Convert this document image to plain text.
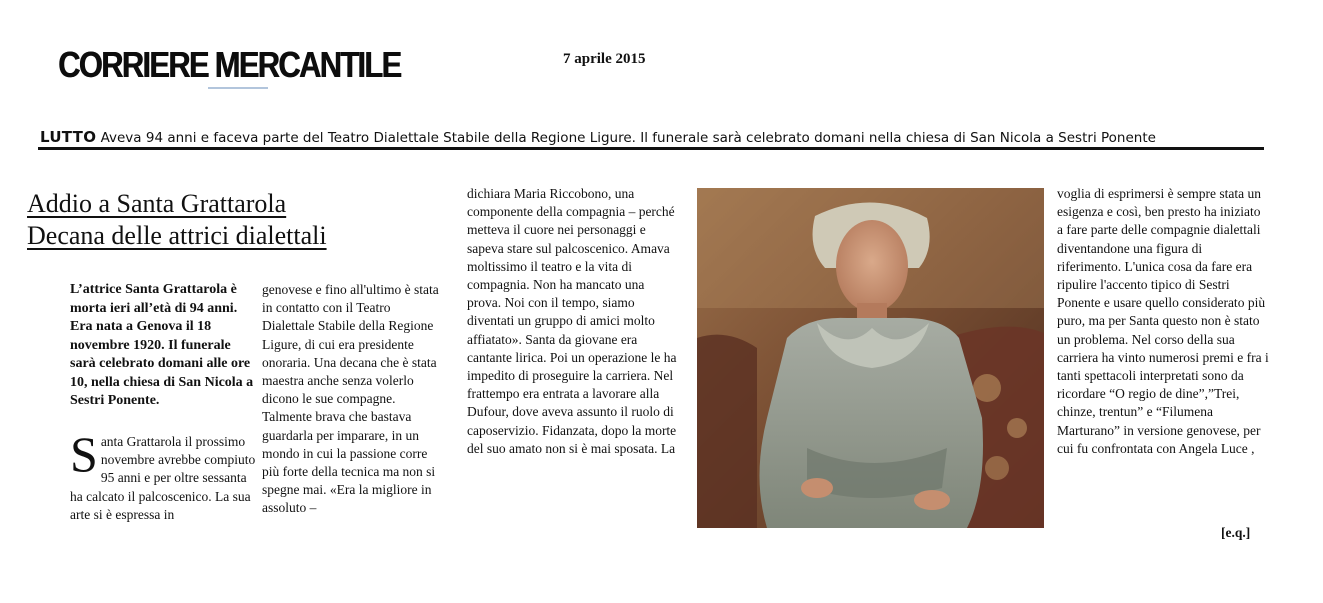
CORRIERE MERCANTILE	7 aprile 2015
LUTTO Aveva 94 anni e faceva parte del Teatro Dialettale Stabile della Regione Ligure. Il funerale sarà celebrato domani nella chiesa di San Nicola a Sestri Ponente
Addio a Santa Grattarola
Decana delle attrici dialettali
L’attrice Santa Grattarola è morta ieri all’età di 94 anni. Era nata a Genova il 18 novembre 1920. Il funerale sarà celebrato domani alle ore 10, nella chiesa di San Nicola a Sestri Ponente.
S anta Grattarola il prossimo novembre avrebbe compiuto 95 anni e per oltre sessanta ha calcato il palcoscenico. La sua arte si è espressa in
genovese e fino all'ultimo è stata in contatto con il Teatro Dialettale Stabile della Regione Ligure, di cui era presidente onoraria. Una decana che è stata maestra anche senza volerlo dicono le sue compagne. Talmente brava che bastava guardarla per imparare, in un mondo in cui la passione corre più forte della tecnica ma non si spegne mai. «Era la migliore in assoluto –
dichiara Maria Riccobono, una componente della compagnia – perché metteva il cuore nei personaggi e sapeva stare sul palcoscenico. Amava moltissimo il teatro e la vita di compagnia. Non ha mancato una prova. Noi con il tempo, siamo diventati un gruppo di amici molto affiatato». Santa da giovane era cantante lirica. Poi un operazione le ha impedito di proseguire la carriera. Nel frattempo era entrata a lavorare alla Dufour, dove aveva assunto il ruolo di caposervizio. Fidanzata, dopo la morte del suo amato non si è mai sposata. La
voglia di esprimersi è sempre stata un esigenza e così, ben presto ha iniziato a fare parte delle compagnie dialettali diventandone una figura di riferimento. L'unica cosa da fare era ripulire l'accento tipico di Sestri Ponente e usare quello considerato più puro, ma per Santa questo non è stato un problema. Nel corso della sua carriera ha vinto numerosi premi e fra i tanti spettacoli interpretati sono da ricordare “O regio de dine”,”Trei, chinze, trentun” e “Filumena Marturano” in versione genovese, per cui fu confrontata con Angela Luce ,
[e.q.]
